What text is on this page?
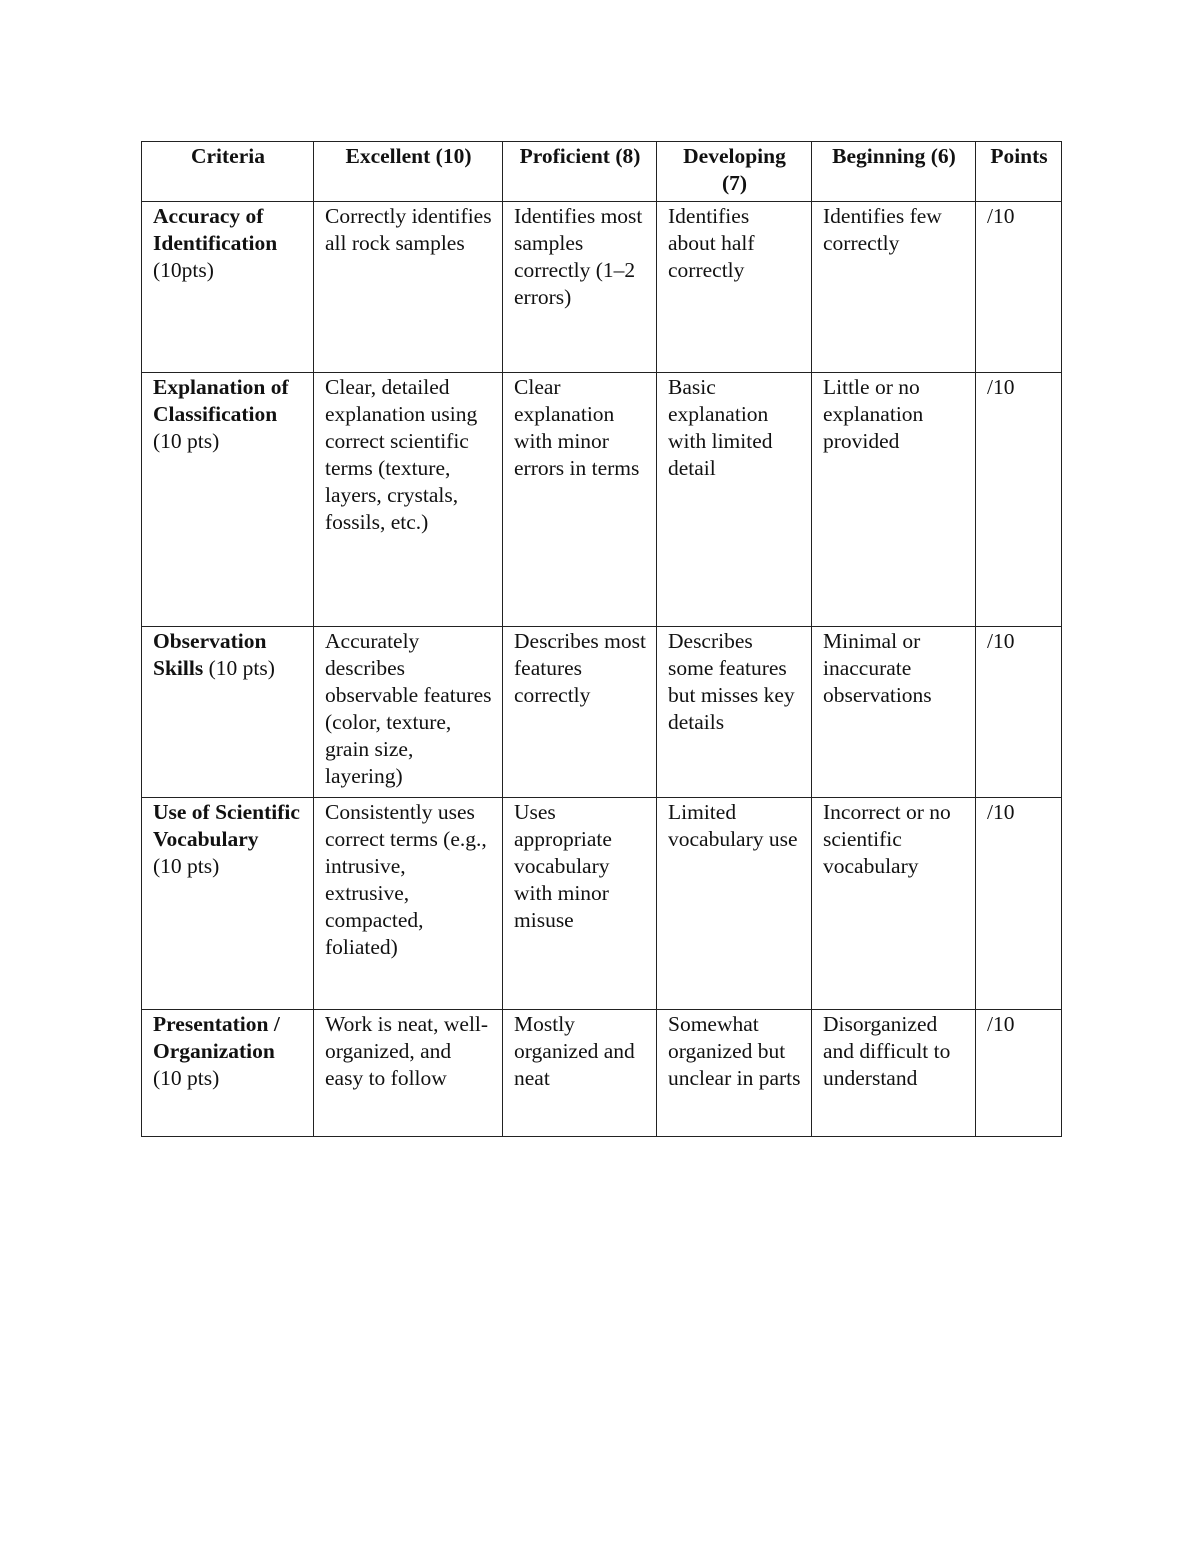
Criteria	Excellent (10)	Proficient (8)	Developing (7)	Beginning (6)	Points
Accuracy of Identification
(10pts)	Correctly identifies all rock samples	Identifies most samples correctly (1–2 errors)	Identifies about half correctly	Identifies few correctly	/10
Explanation of Classification
(10 pts)	Clear, detailed explanation using correct scientific terms (texture, layers, crystals, fossils, etc.)	Clear explanation with minor errors in terms	Basic explanation with limited detail	Little or no explanation provided	/10
Observation Skills (10 pts)	Accurately describes observable features (color, texture, grain size, layering)	Describes most features correctly	Describes some features but misses key details	Minimal or inaccurate observations	/10
Use of Scientific Vocabulary
(10 pts)	Consistently uses correct terms (e.g., intrusive, extrusive, compacted, foliated)	Uses appropriate vocabulary with minor misuse	Limited vocabulary use	Incorrect or no scientific vocabulary	/10
Presentation / Organization
(10 pts)	Work is neat, well-organized, and easy to follow	Mostly organized and neat	Somewhat organized but unclear in parts	Disorganized and difficult to understand	/10
